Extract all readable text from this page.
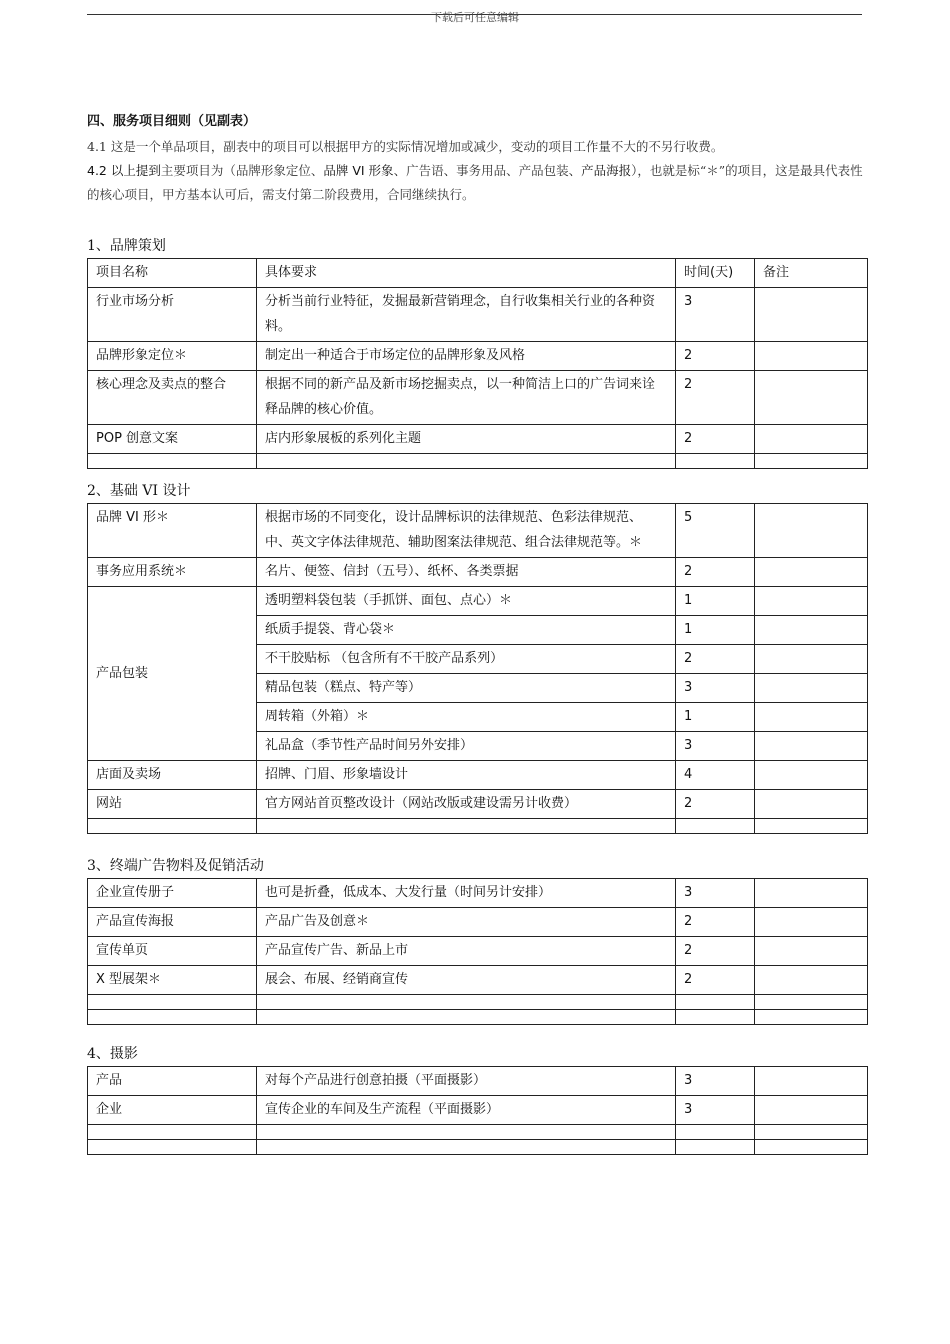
下载后可任意编辑
四、服务项目细则（见副表）

4.1 这是一个单品项目，副表中的项目可以根据甲方的实际情况增加或减少，变动的项目工作量不大的不另行收费。

4.2 以上提到主要项目为（品牌形象定位、品牌 VI 形象、广告语、事务用品、产品包装、产品海报），也就是标“＊”的项目，这是最具代表性的核心项目，甲方基本认可后，需支付第二阶段费用，合同继续执行。

1、品牌策划
项目名称	具体要求	时间(天)	备注
行业市场分析	分析当前行业特征，发掘最新营销理念，自行收集相关行业的各种资料。	3	
品牌形象定位＊	制定出一种适合于市场定位的品牌形象及风格	2	
核心理念及卖点的整合	根据不同的新产品及新市场挖掘卖点，以一种简洁上口的广告词来诠释品牌的核心价值。	2	
POP 创意文案	店内形象展板的系列化主题	2	

2、基础 VI 设计
品牌 VI 形＊	根据市场的不同变化，设计品牌标识的法律规范、色彩法律规范、中、英文字体法律规范、辅助图案法律规范、组合法律规范等。＊	5	
事务应用系统＊	名片、便签、信封（五号）、纸杯、各类票据	2	
产品包装	透明塑料袋包装（手抓饼、面包、点心）＊	1	
	纸质手提袋、背心袋＊	1	
	不干胶贴标 （包含所有不干胶产品系列）	2	
	精品包装（糕点、特产等）	3	
	周转箱（外箱）＊	1	
	礼品盒（季节性产品时间另外安排）	3	
店面及卖场	招牌、门眉、形象墙设计	4	
网站	官方网站首页整改设计（网站改版或建设需另计收费）	2	

3、终端广告物料及促销活动
企业宣传册子	也可是折叠，低成本、大发行量（时间另计安排）	3	
产品宣传海报	产品广告及创意＊	2	
宣传单页	产品宣传广告、新品上市	2	
X 型展架＊	展会、布展、经销商宣传	2	

4、摄影
产品	对每个产品进行创意拍摄（平面摄影）	3	
企业	宣传企业的车间及生产流程（平面摄影）	3	
